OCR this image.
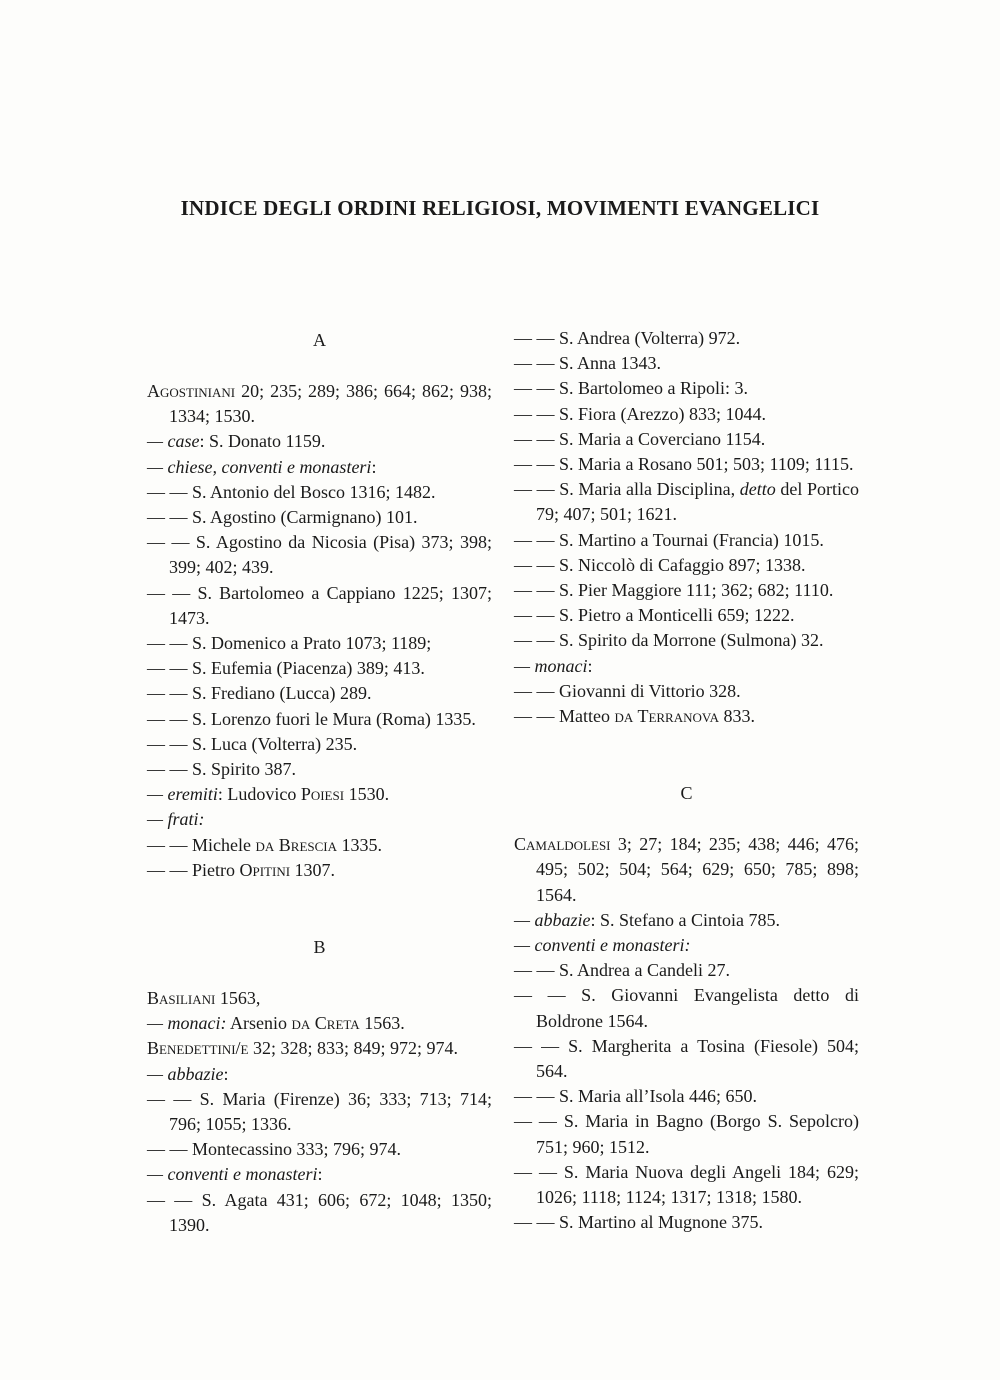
INDICE DEGLI ORDINI RELIGIOSI, MOVIMENTI EVANGELICI
A

Agostiniani 20; 235; 289; 386; 664; 862; 938; 1334; 1530.

— case: S. Donato 1159.

— chiese, conventi e monasteri:

— — S. Antonio del Bosco 1316; 1482.

— — S. Agostino (Carmignano) 101.

— — S. Agostino da Nicosia (Pisa) 373; 398; 399; 402; 439.

— — S. Bartolomeo a Cappiano 1225; 1307; 1473.

— — S. Domenico a Prato 1073; 1189;

— — S. Eufemia (Piacenza) 389; 413.

— — S. Frediano (Lucca) 289.

— — S. Lorenzo fuori le Mura (Roma) 1335.

— — S. Luca (Volterra) 235.

— — S. Spirito 387.

— eremiti: Ludovico Poiesi 1530.

— frati:

— — Michele da Brescia 1335.

— — Pietro Opitini 1307.

B

Basiliani 1563,

— monaci: Arsenio da Creta 1563.

Benedettini/e 32; 328; 833; 849; 972; 974.

— abbazie:

— — S. Maria (Firenze) 36; 333; 713; 714; 796; 1055; 1336.

— — Montecassino 333; 796; 974.

— conventi e monasteri:

— — S. Agata 431; 606; 672; 1048; 1350; 1390.

— — S. Andrea (Volterra) 972.

— — S. Anna 1343.

— — S. Bartolomeo a Ripoli: 3.

— — S. Fiora (Arezzo) 833; 1044.

— — S. Maria a Coverciano 1154.

— — S. Maria a Rosano 501; 503; 1109; 1115.

— — S. Maria alla Disciplina, detto del Portico 79; 407; 501; 1621.

— — S. Martino a Tournai (Francia) 1015.

— — S. Niccolò di Cafaggio 897; 1338.

— — S. Pier Maggiore 111; 362; 682; 1110.

— — S. Pietro a Monticelli 659; 1222.

— — S. Spirito da Morrone (Sulmona) 32.

— monaci:

— — Giovanni di Vittorio 328.

— — Matteo da Terranova 833.

C

Camaldolesi 3; 27; 184; 235; 438; 446; 476; 495; 502; 504; 564; 629; 650; 785; 898; 1564.

— abbazie: S. Stefano a Cintoia 785.

— conventi e monasteri:

— — S. Andrea a Candeli 27.

— — S. Giovanni Evangelista detto di Boldrone 1564.

— — S. Margherita a Tosina (Fiesole) 504; 564.

— — S. Maria all’Isola 446; 650.

— — S. Maria in Bagno (Borgo S. Sepolcro) 751; 960; 1512.

— — S. Maria Nuova degli Angeli 184; 629; 1026; 1118; 1124; 1317; 1318; 1580.

— — S. Martino al Mugnone 375.
